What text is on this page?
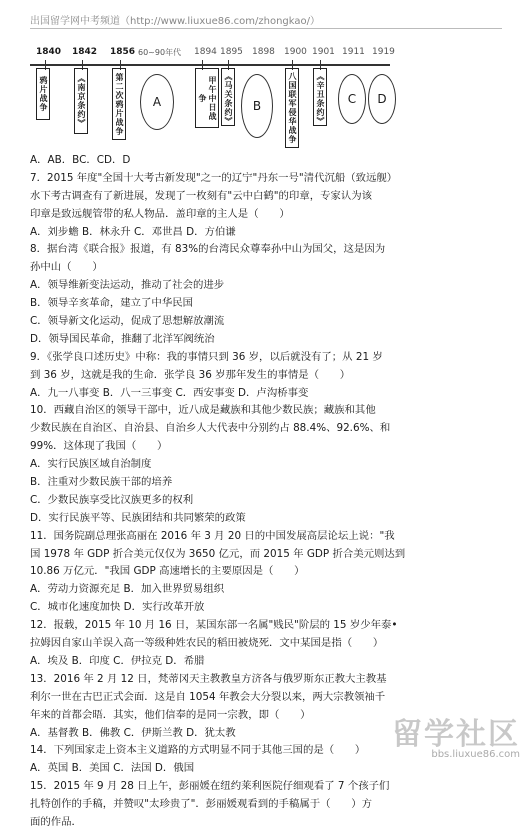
出国留学网中考频道（http://www.liuxue86.com/zhongkao/）
1840 1842 1856 60~90年代 1894 1895 1898 1900 1901 1911 1919
鸦片战争	《南京条约》	第二次鸦片战争	甲午中日战争	《马关条约》	八国联军侵华战争	《辛丑条约》
A	B	C	D
A．AB．BC．CD．D
7．2015 年度"全国十大考古新发现"之一的辽宁"丹东一号"清代沉船（致远舰）
水下考古调查有了新进展，发现了一枚刻有"云中白鹤"的印章，专家认为该
印章是致远舰管带的私人物品．盖印章的主人是（　　）
A．刘步蟾 B．林永升 C．邓世昌 D．方伯谦
8．据台湾《联合报》报道，有 83%的台湾民众尊奉孙中山为国父，这是因为
孙中山（　　）
A．领导维新变法运动，推动了社会的进步
B．领导辛亥革命，建立了中华民国
C．领导新文化运动，促成了思想解放潮流
D．领导国民革命，推翻了北洋军阀统治
9．《张学良口述历史》中称：我的事情只到 36 岁，以后就没有了；从 21 岁
到 36 岁，这就是我的生命．张学良 36 岁那年发生的事情是（　　）
A．九一八事变 B．八一三事变 C．西安事变 D．卢沟桥事变
10．西藏自治区的领导干部中，近八成是藏族和其他少数民族；藏族和其他
少数民族在自治区、自治县、自治乡人大代表中分别约占 88.4%、92.6%、和
99%．这体现了我国（　　）
A．实行民族区域自治制度
B．注重对少数民族干部的培养
C．少数民族享受比汉族更多的权利
D．实行民族平等、民族团结和共同繁荣的政策
11．国务院副总理张高丽在 2016 年 3 月 20 日的中国发展高层论坛上说："我
国 1978 年 GDP 折合美元仅仅为 3650 亿元，而 2015 年 GDP 折合美元则达到
10.86 万亿元．"我国 GDP 高速增长的主要原因是（　　）
A．劳动力资源充足 B．加入世界贸易组织
C．城市化速度加快 D．实行改革开放
12．报载，2015 年 10 月 16 日，某国东部一名属"贱民"阶层的 15 岁少年泰•
拉姆因自家山羊误入高一等级种姓农民的稻田被烧死．文中某国是指（　　）
A．埃及 B．印度 C．伊拉克 D．希腊
13．2016 年 2 月 12 日，梵蒂冈天主教教皇方济各与俄罗斯东正教大主教基
利尔一世在古巴正式会面．这是自 1054 年教会大分裂以来，两大宗教领袖千
年来的首都会晤．其实，他们信奉的是同一宗教，即（　　）
A．基督教 B．佛教 C．伊斯兰教 D．犹太教
14．下列国家走上资本主义道路的方式明显不同于其他三国的是（　　）
A．英国 B．美国 C．法国 D．俄国
15．2015 年 9 月 28 日上午，彭丽媛在纽约莱利医院仔细观看了 7 个孩子们
扎特创作的手稿，并赞叹"太珍贵了"．彭丽媛观看到的手稿属于（　　）方
面的作品．
留学社区
bbs.liuxue86.com
